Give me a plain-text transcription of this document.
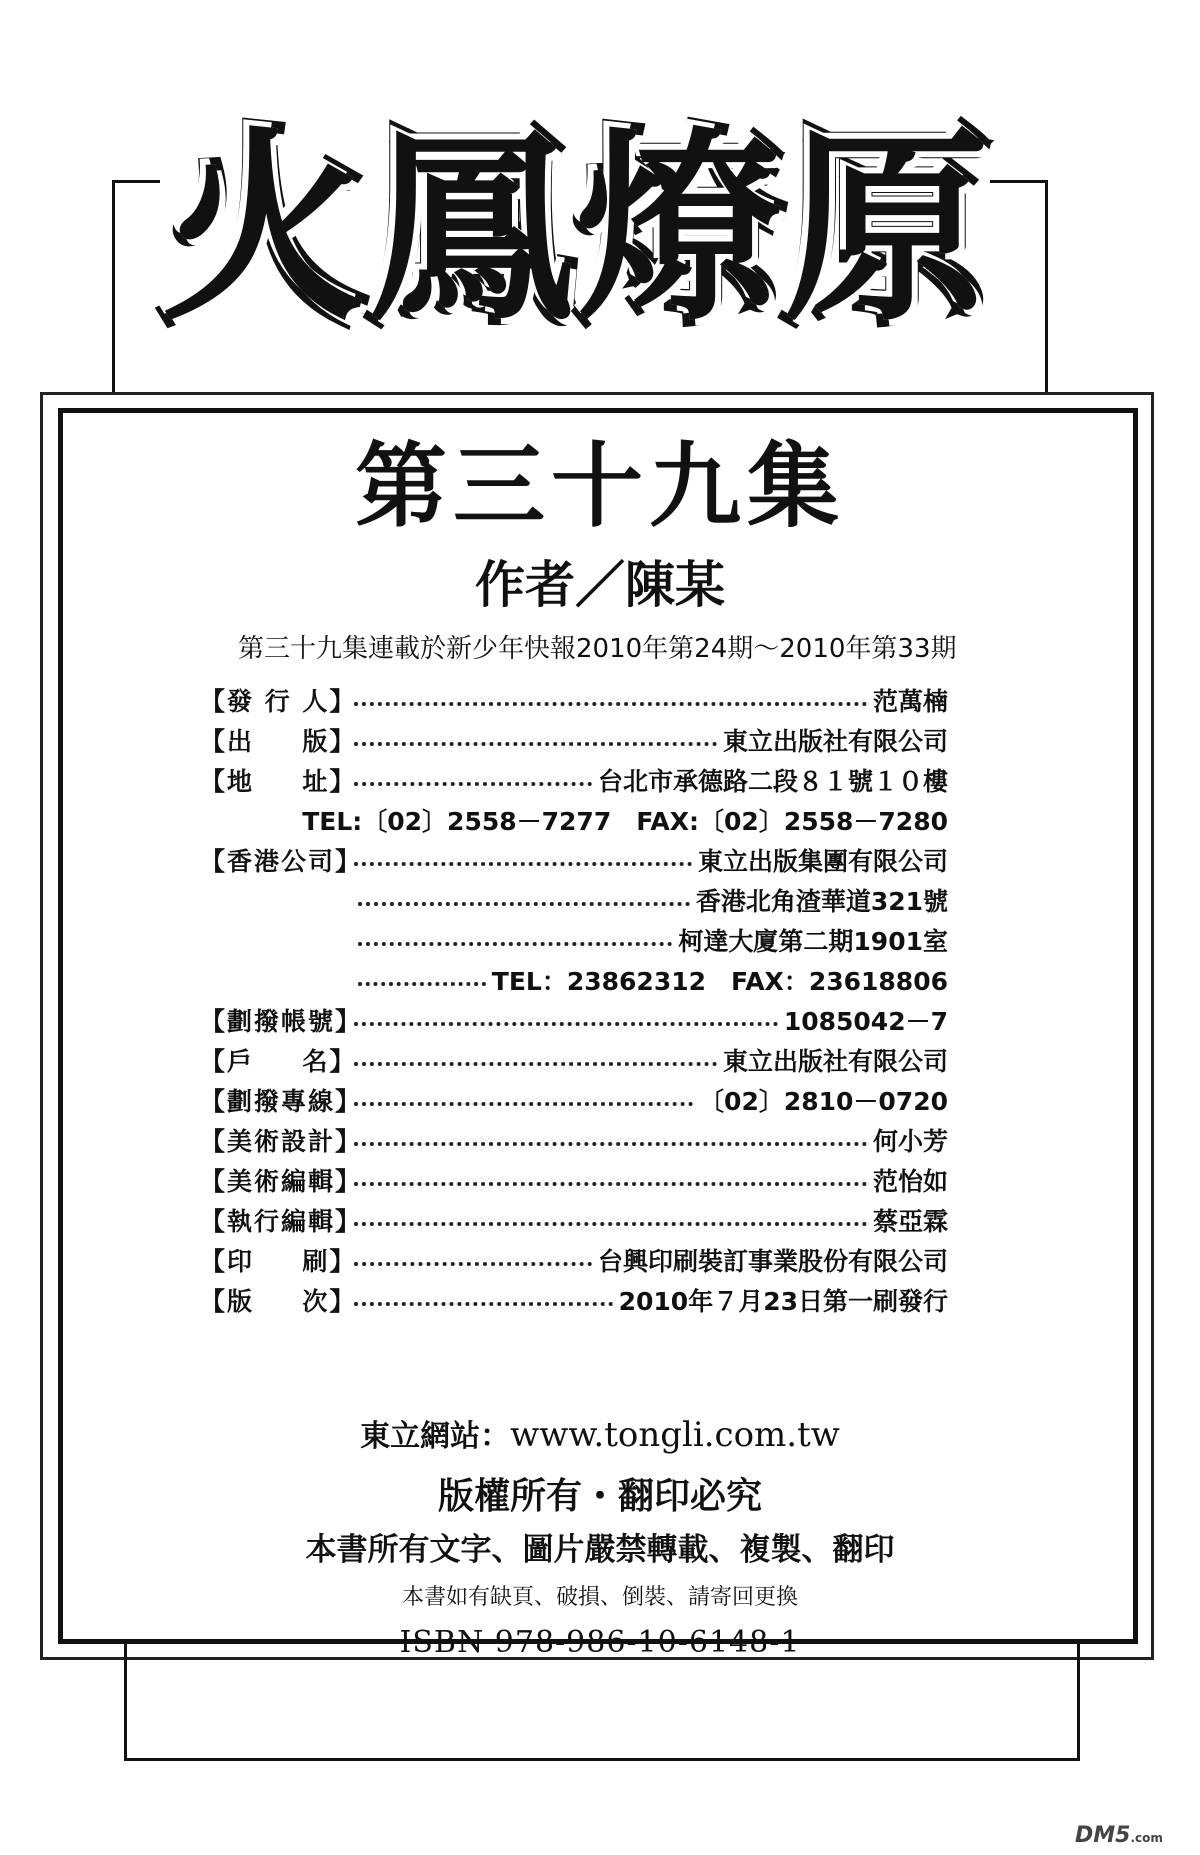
火 鳳 燎 原
第三十九集
作者／陳某
第三十九集連載於新少年快報2010年第24期～2010年第33期
【發 行 人】	范萬楠
【出 　 版】	東立出版社有限公司
【地 　 址】	台北市承德路二段８１號１０樓
TEL:〔02〕2558－7277　FAX:〔02〕2558－7280
【香港公司】	東立出版集團有限公司
香港北角渣華道321號
柯達大廈第二期1901室
TEL：23862312　FAX：23618806
【劃撥帳號】	1085042－7
【戶 　 名】	東立出版社有限公司
【劃撥專線】	〔02〕2810－0720
【美術設計】	何小芳
【美術編輯】	范怡如
【執行編輯】	蔡亞霖
【印 　 刷】	台興印刷裝訂事業股份有限公司
【版 　 次】	2010年７月23日第一刷發行
東立網站：www.tongli.com.tw
版權所有・翻印必究
本書所有文字、圖片嚴禁轉載、複製、翻印
本書如有缺頁、破損、倒裝、請寄回更換
ISBN 978-986-10-6148-1
DM5.com
